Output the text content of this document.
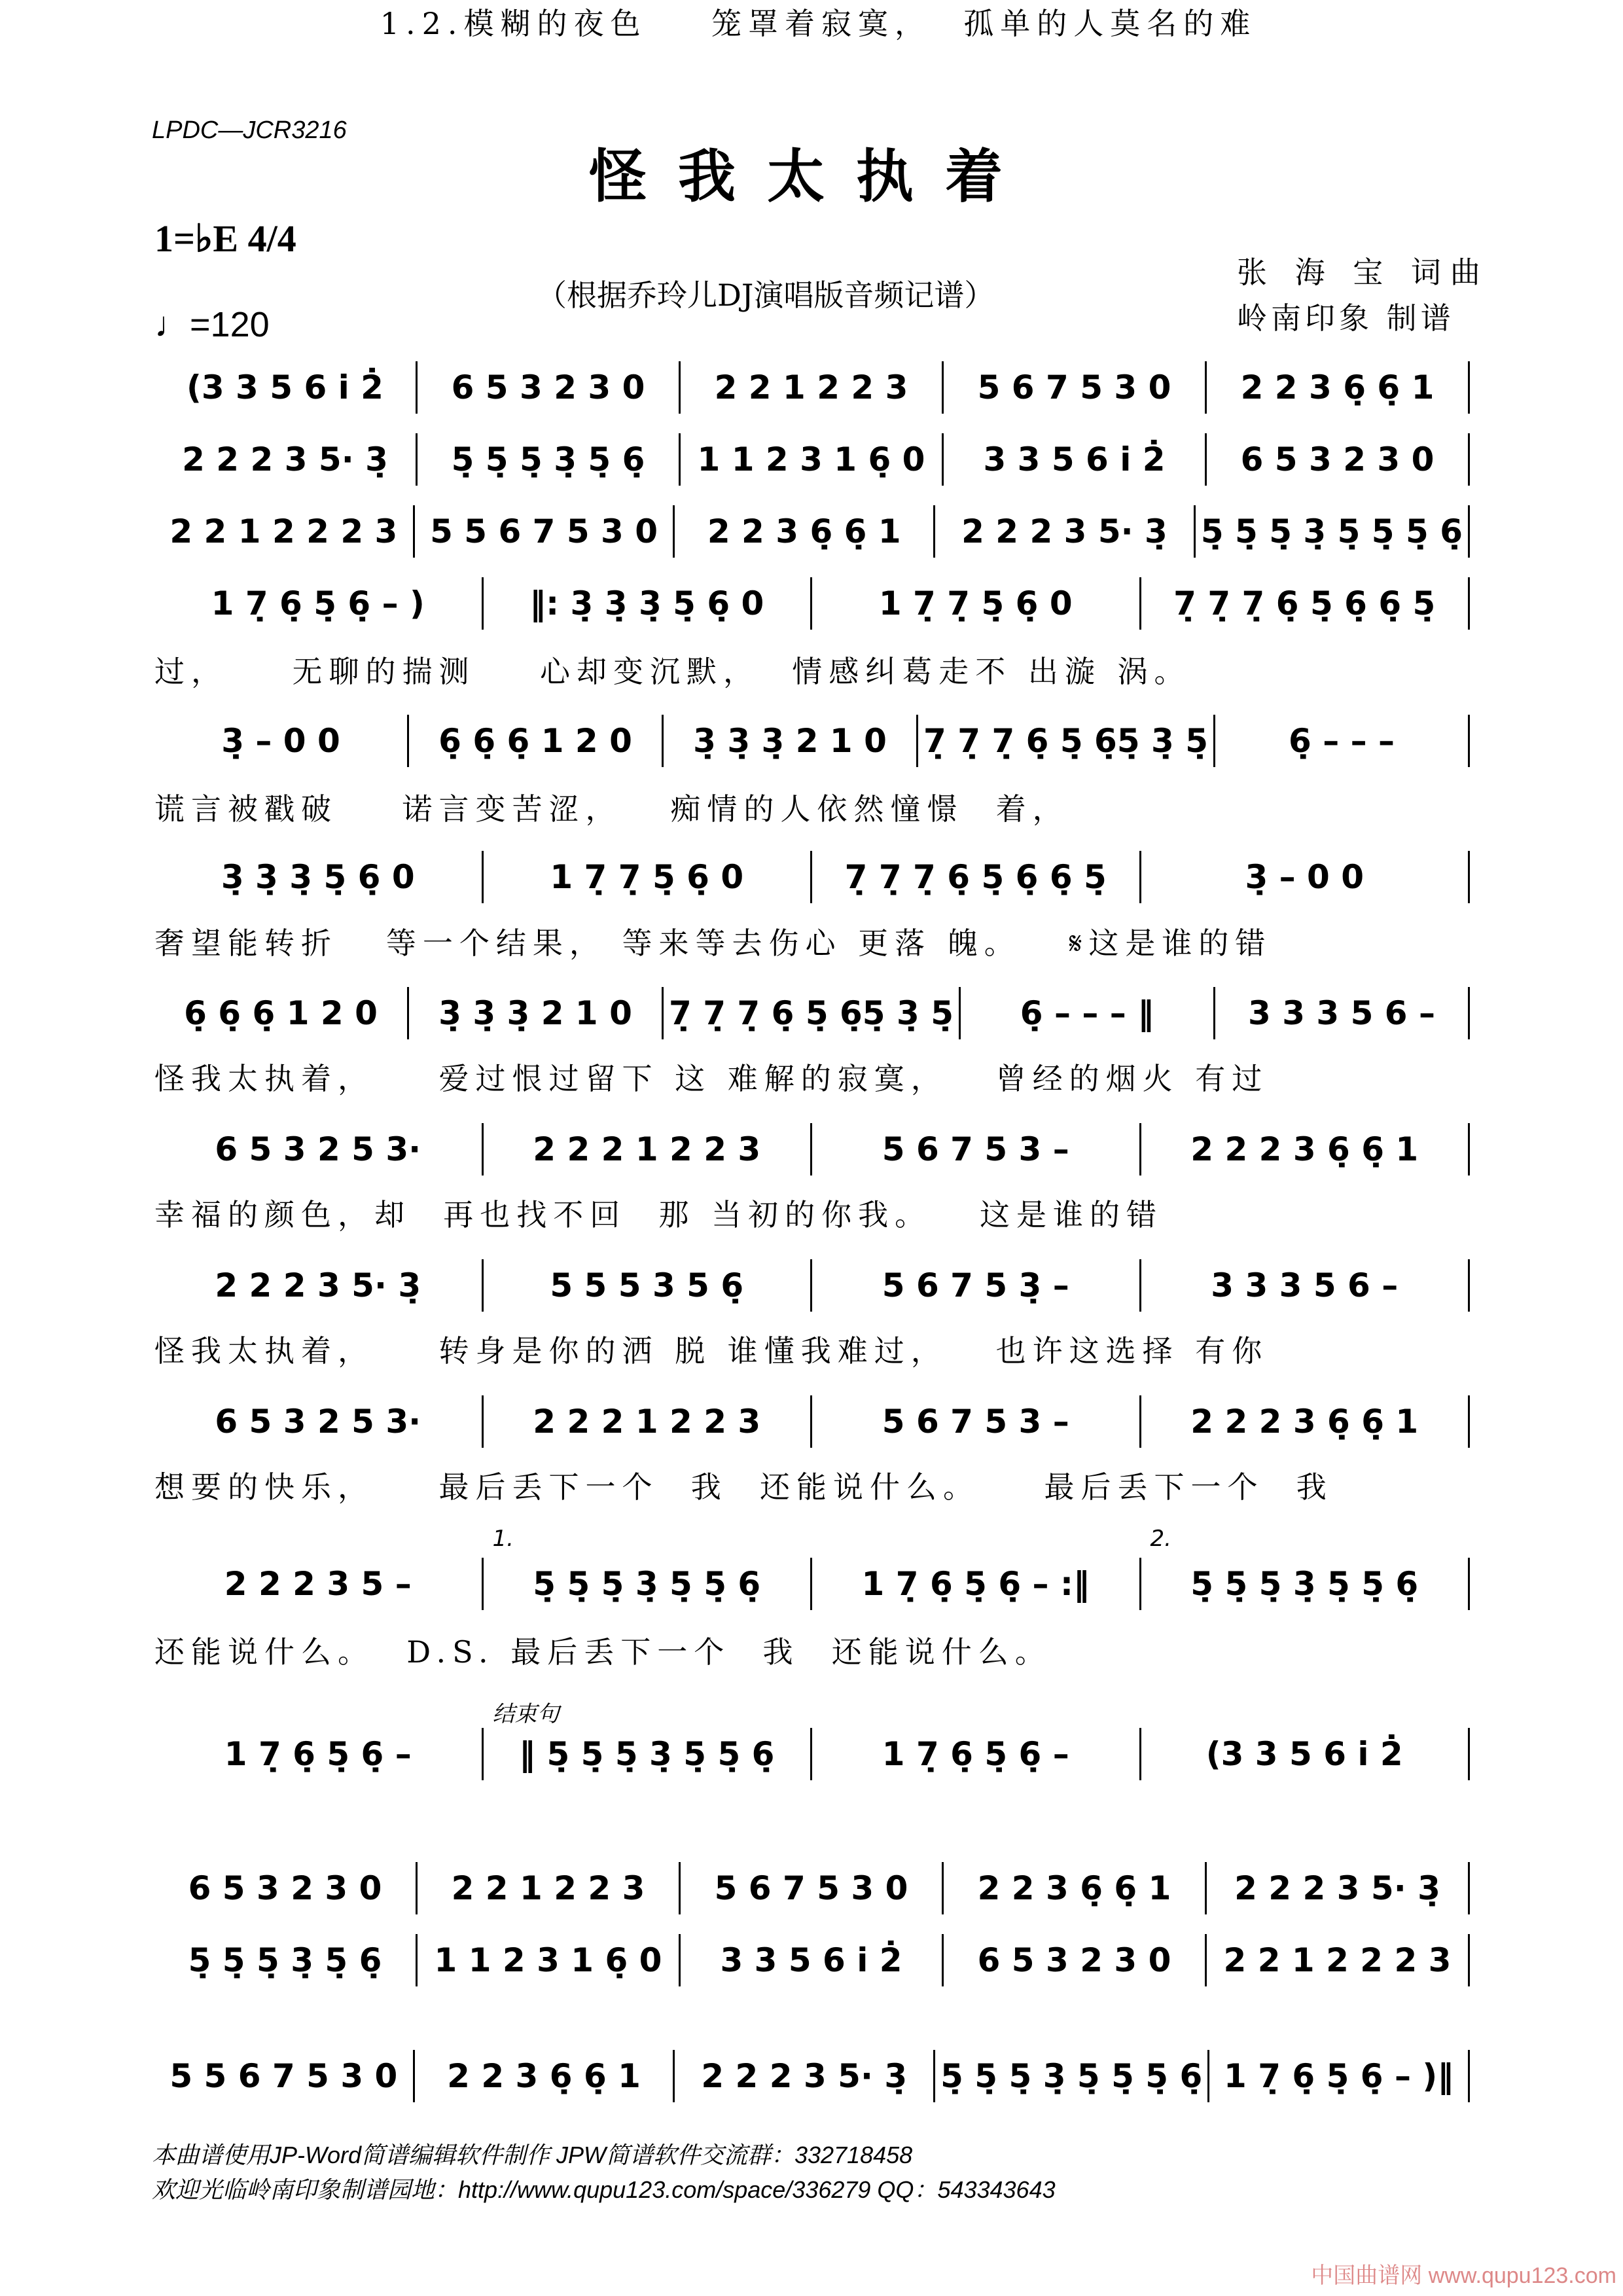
LPDC—JCR3216
怪我太执着
1=♭E 4/4
♩=120
（根据乔玲儿DJ演唱版音频记谱）
张 海 宝 词曲
岭南印象 制谱
(3 3 5 6 i̇ 2̇	6 5 3 2 3 0	2 2 1 2 2 3	5 6 7 5 3 0	2 2 3 6̣ 6̣ 1
2 2 2 3 5· 3̣	5̣ 5̣ 5̣ 3̣ 5̣ 6̣	1 1 2 3 1 6̣ 0	3 3 5 6 i̇ 2̇	6 5 3 2 3 0
2 2 1 2 2 2 3 5 5 6 7 5 3 0	2 2 3 6̣ 6̣ 1	2 2 2 3 5· 3̣	5̣ 5̣ 5̣ 3̣ 5̣ 5̣ 5̣ 6̣
1 7̣ 6̣ 5̣ 6̣ – )	‖: 3̣ 3̣ 3̣ 5̣ 6̣ 0	1 7̣ 7̣ 5̣ 6̣ 0	7̣ 7̣ 7̣ 6̣ 5̣ 6̣ 6̣ 5̣
1.2.模糊的夜色    笼罩着寂寞，  孤单的人莫名的难
3̣ – 0 0	6̣ 6̣ 6̣ 1 2 0	3̣ 3̣ 3̣ 2 1 0	7̣ 7̣ 7̣ 6̣ 5̣ 6̣5̣ 3̣ 5̣	6̣ – – –
过，    无聊的揣测    心却变沉默，  情感纠葛走不 出漩 涡。
3̣ 3̣ 3̣ 5̣ 6̣ 0	1 7̣ 7̣ 5̣ 6̣ 0	7̣ 7̣ 7̣ 6̣ 5̣ 6̣ 6̣ 5̣	3̣ – 0 0
谎言被戳破    诺言变苦涩，   痴情的人依然憧憬  着，
6̣ 6̣ 6̣ 1 2 0	3̣ 3̣ 3̣ 2 1 0	7̣ 7̣ 7̣ 6̣ 5̣ 6̣5̣ 3̣ 5̣	6̣ – – – ‖	3 3 3 5 6 –
奢望能转折   等一个结果， 等来等去伤心 更落 魄。   𝄋这是谁的错
6 5 3 2 5 3·	2 2 2 1 2 2 3	5 6 7 5 3 –	2 2 2 3 6̣ 6̣ 1
怪我太执着，    爱过恨过留下 这 难解的寂寞，   曾经的烟火 有过
2 2 2 3 5· 3̣	5 5 5 3 5 6̣	5 6 7 5 3̣ –	3 3 3 5 6 –
幸福的颜色，却  再也找不回  那 当初的你我。   这是谁的错
6 5 3 2 5 3·	2 2 2 1 2 2 3	5 6 7 5 3 –	2 2 2 3 6̣ 6̣ 1
怪我太执着，    转身是你的洒 脱 谁懂我难过，   也许这选择 有你
2 2 2 3 5 –	5̣ 5̣ 5̣ 3̣ 5̣ 5̣ 6̣
1.
1 7̣ 6̣ 5̣ 6̣ – :‖	5̣ 5̣ 5̣ 3̣ 5̣ 5̣ 6̣
2.
想要的快乐，    最后丢下一个  我  还能说什么。    最后丢下一个  我
1 7̣ 6̣ 5̣ 6̣ –	‖ 5̣ 5̣ 5̣ 3̣ 5̣ 5̣ 6̣
结束句
1 7̣ 6̣ 5̣ 6̣ –	(3 3 5 6 i̇ 2̇
还能说什么。  D.S. 最后丢下一个  我  还能说什么。
6 5 3 2 3 0	2 2 1 2 2 3	5 6 7 5 3 0	2 2 3 6̣ 6̣ 1	2 2 2 3 5· 3̣
5̣ 5̣ 5̣ 3̣ 5̣ 6̣	1 1 2 3 1 6̣ 0	3 3 5 6 i̇ 2̇	6 5 3 2 3 0	2 2 1 2 2 2 3
5 5 6 7 5 3 0	2 2 3 6̣ 6̣ 1	2 2 2 3 5· 3̣	5̣ 5̣ 5̣ 3̣ 5̣ 5̣ 5̣ 6̣ 1 7̣ 6̣ 5̣ 6̣ – )‖
本曲谱使用JP-Word简谱编辑软件制作 JPW简谱软件交流群：332718458
欢迎光临岭南印象制谱园地：http://www.qupu123.com/space/336279 QQ：543343643
中国曲谱网 www.qupu123.com
